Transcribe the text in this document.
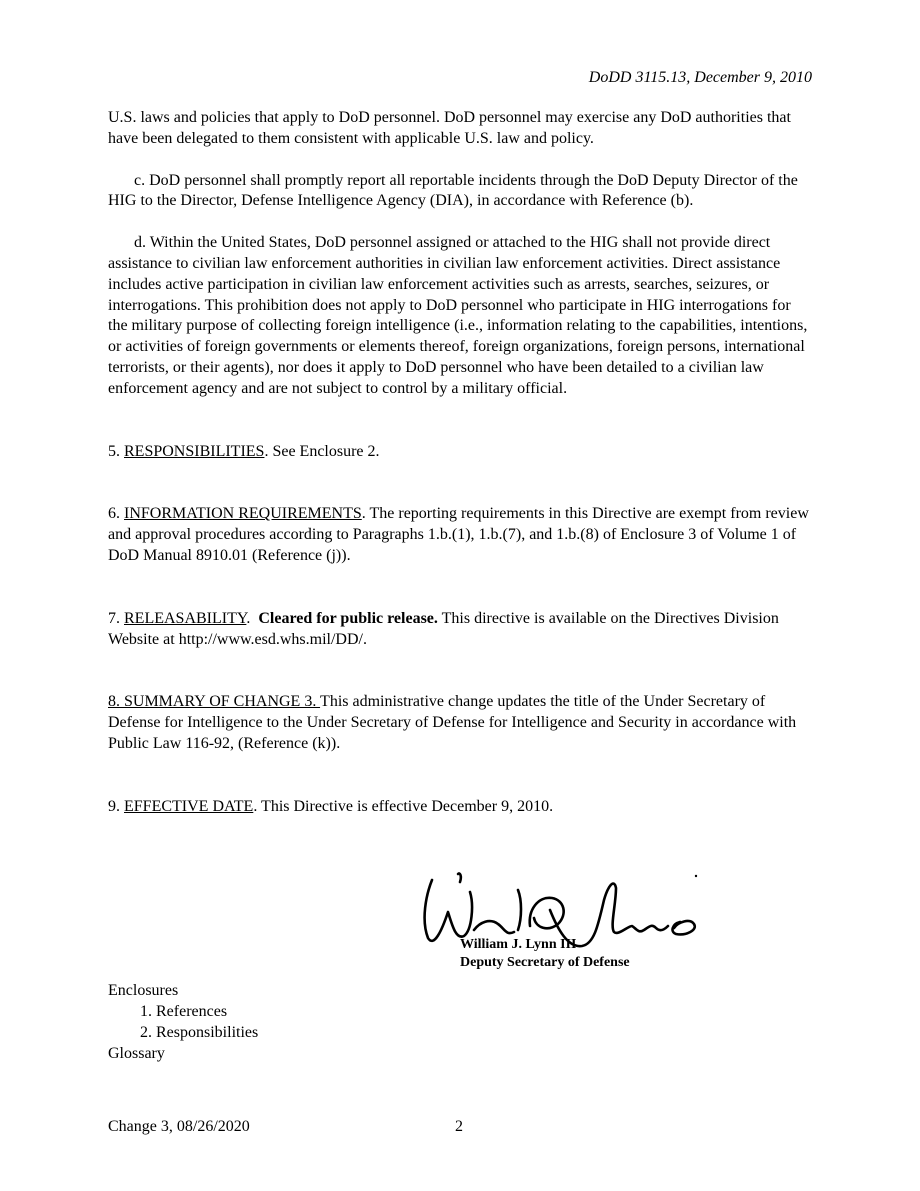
DoDD 3115.13, December 9, 2010

U.S. laws and policies that apply to DoD personnel. DoD personnel may exercise any DoD authorities that have been delegated to them consistent with applicable U.S. law and policy.

c. DoD personnel shall promptly report all reportable incidents through the DoD Deputy Director of the HIG to the Director, Defense Intelligence Agency (DIA), in accordance with Reference (b).

d. Within the United States, DoD personnel assigned or attached to the HIG shall not provide direct assistance to civilian law enforcement authorities in civilian law enforcement activities. Direct assistance includes active participation in civilian law enforcement activities such as arrests, searches, seizures, or interrogations. This prohibition does not apply to DoD personnel who participate in HIG interrogations for the military purpose of collecting foreign intelligence (i.e., information relating to the capabilities, intentions, or activities of foreign governments or elements thereof, foreign organizations, foreign persons, international terrorists, or their agents), nor does it apply to DoD personnel who have been detailed to a civilian law enforcement agency and are not subject to control by a military official.

5. RESPONSIBILITIES. See Enclosure 2.

6. INFORMATION REQUIREMENTS. The reporting requirements in this Directive are exempt from review and approval procedures according to Paragraphs 1.b.(1), 1.b.(7), and 1.b.(8) of Enclosure 3 of Volume 1 of DoD Manual 8910.01 (Reference (j)).

7. RELEASABILITY.  Cleared for public release. This directive is available on the Directives Division Website at http://www.esd.whs.mil/DD/.

8. SUMMARY OF CHANGE 3. This administrative change updates the title of the Under Secretary of Defense for Intelligence to the Under Secretary of Defense for Intelligence and Security in accordance with Public Law 116-92, (Reference (k)).

9. EFFECTIVE DATE. This Directive is effective December 9, 2010.

William J. Lynn III
Deputy Secretary of Defense
Enclosures
1. References
2. Responsibilities
Glossary
Change 3, 08/26/2020	2
